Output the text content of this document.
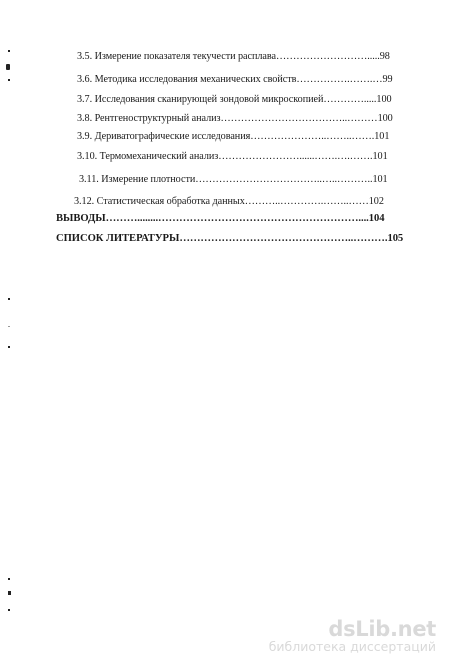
3.5. Измерение показателя текучести расплава……………………….....98
3.6. Методика исследования механических свойств…………….…….…99
3.7. Исследования сканирующей зондовой микроскопией………….....100
3.8. Рентгеноструктурный анализ………………………………..………100
3.9. Дериватографические исследования…………………..……..…….101
3.10. Термомеханический анализ……………………......…….….…….101
3.11. Измерение плотности………………………………..…..………..101
3.12. Статистическая обработка данных………..………….……..……102
ВЫВОДЫ………........…………………………………………………....104
СПИСОК ЛИТЕРАТУРЫ…………………………………………..……….105
dsLib.net
библиотека диссертаций
